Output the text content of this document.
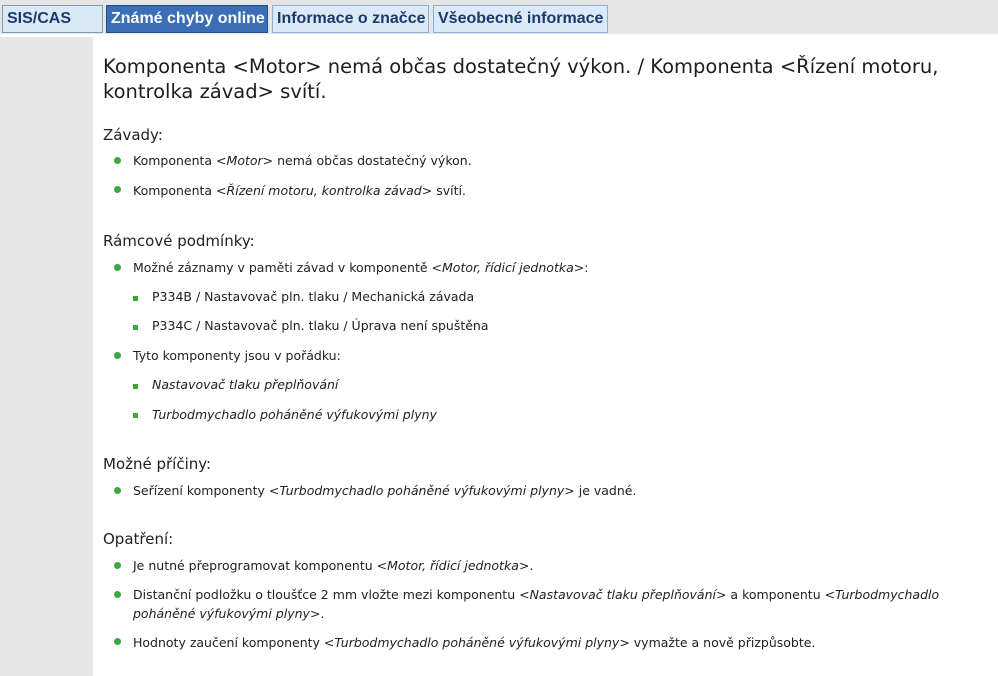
SIS/CAS	Známé chyby online Informace o značce Všeobecné informace

Komponenta <Motor> nemá občas dostatečný výkon. / Komponenta <Řízení motoru,
kontrolka závad> svítí.

Závady:

Komponenta <Motor> nemá občas dostatečný výkon.
Komponenta <Řízení motoru, kontrolka závad> svítí.

Rámcové podmínky:

Možné záznamy v paměti závad v komponentě <Motor, řídicí jednotka>:
P334B / Nastavovač pln. tlaku / Mechanická závada
P334C / Nastavovač pln. tlaku / Úprava není spuštěna
Tyto komponenty jsou v pořádku:
Nastavovač tlaku přeplňování
Turbodmychadlo poháněné výfukovými plyny

Možné příčiny:

Seřízení komponenty <Turbodmychadlo poháněné výfukovými plyny> je vadné.

Opatření:

Je nutné přeprogramovat komponentu <Motor, řídicí jednotka>.
Distanční podložku o tloušťce 2 mm vložte mezi komponentu <Nastavovač tlaku přeplňování> a komponentu <Turbodmychadlo
poháněné výfukovými plyny>.
Hodnoty zaučení komponenty <Turbodmychadlo poháněné výfukovými plyny> vymažte a nově přizpůsobte.
